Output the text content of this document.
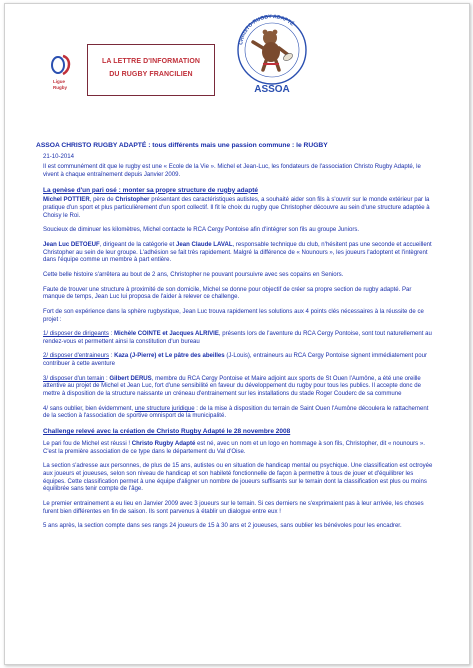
Ligue
Rugby
LA LETTRE D'INFORMATION
DU RUGBY FRANCILIEN
CHRISTO-RUGBY ADAPTÉ
ASSOA
ASSOA CHRISTO RUGBY ADAPTÉ : tous différents mais une passion commune : le RUGBY
21-10-2014

Il est communément dit que le rugby est une « Ecole de la Vie ». Michel et Jean-Luc, les fondateurs de l'association Christo Rugby Adapté, le vivent à chaque entraînement depuis Janvier 2009.

La genèse d'un pari osé : monter sa propre structure de rugby adapté

Michel POTTIER, père de Christopher présentant des caractéristiques autistes, a souhaité aider son fils à s'ouvrir sur le monde extérieur par la pratique d'un sport et plus particulièrement d'un sport collectif. Il fit le choix du rugby que Christopher découvre au sein d'une structure adaptée à Choisy le Roi.

Soucieux de diminuer les kilomètres, Michel contacte le RCA Cergy Pontoise afin d'intégrer son fils au groupe Juniors.

Jean Luc DETOEUF, dirigeant de la catégorie et Jean Claude LAVAL, responsable technique du club, n'hésitent pas une seconde et accueillent Christopher au sein de leur groupe. L'adhésion se fait très rapidement. Malgré la différence de « Nounours », les joueurs l'adoptent et l'intègrent dans l'équipe comme un membre à part entière.

Cette belle histoire s'arrêtera au bout de 2 ans, Christopher ne pouvant poursuivre avec ses copains en Seniors.

Faute de trouver une structure à proximité de son domicile, Michel se donne pour objectif de créer sa propre section de rugby adapté. Par manque de temps, Jean Luc lui proposa de l'aider à relever ce challenge.

Fort de son expérience dans la sphère rugbystique, Jean Luc trouva rapidement les solutions aux 4 points clés nécessaires à la réussite de ce projet :

1/ disposer de dirigeants : Michèle COINTE et Jacques ALRIVIE, présents lors de l'aventure du RCA Cergy Pontoise, sont tout naturellement au rendez-vous et permettent ainsi la constitution d'un bureau

2/ disposer d'entraineurs : Kaza (J-Pierre) et Le pâtre des abeilles (J-Louis), entraineurs au RCA Cergy Pontoise signent immédiatement pour contribuer à cette aventure

3/ disposer d'un terrain : Gilbert DERUS, membre du RCA Cergy Pontoise et Maire adjoint aux sports de St Ouen l'Aumône, a été une oreille attentive au projet de Michel et Jean Luc, fort d'une sensibilité en faveur du développement du rugby pour tous les publics. Il accepte donc de mettre à disposition de la structure naissante un créneau d'entrainement sur les installations du stade Roger Couderc de sa commune

4/ sans oublier, bien évidemment, une structure juridique : de la mise à disposition du terrain de Saint Ouen l'Aumône découlera le rattachement de la section à l'association de sportive omnisport de la municipalité.

Challenge relevé avec la création de Christo Rugby Adapté le 28 novembre 2008

Le pari fou de Michel est réussi ! Christo Rugby Adapté est né, avec un nom et un logo en hommage à son fils, Christopher, dit « nounours ». C'est la première association de ce type dans le département du Val d'Oise.

La section s'adresse aux personnes, de plus de 15 ans, autistes ou en situation de handicap mental ou psychique. Une classification est octroyée aux joueurs et joueuses, selon son niveau de handicap et son habileté fonctionnelle de façon à permettre à tous de jouer et d'équilibrer les équipes. Cette classification permet à une équipe d'aligner un nombre de joueurs suffisants sur le terrain dont la classification est plus ou moins équilibrée sans tenir compte de l'âge.

Le premier entrainement a eu lieu en Janvier 2009 avec 3 joueurs sur le terrain. Si ces derniers ne s'exprimaient pas à leur arrivée, les choses furent bien différentes en fin de saison. Ils sont parvenus à établir un dialogue entre eux !

5 ans après, la section compte dans ses rangs 24 joueurs de 15 à 30 ans et 2 joueuses, sans oublier les bénévoles pour les encadrer.
